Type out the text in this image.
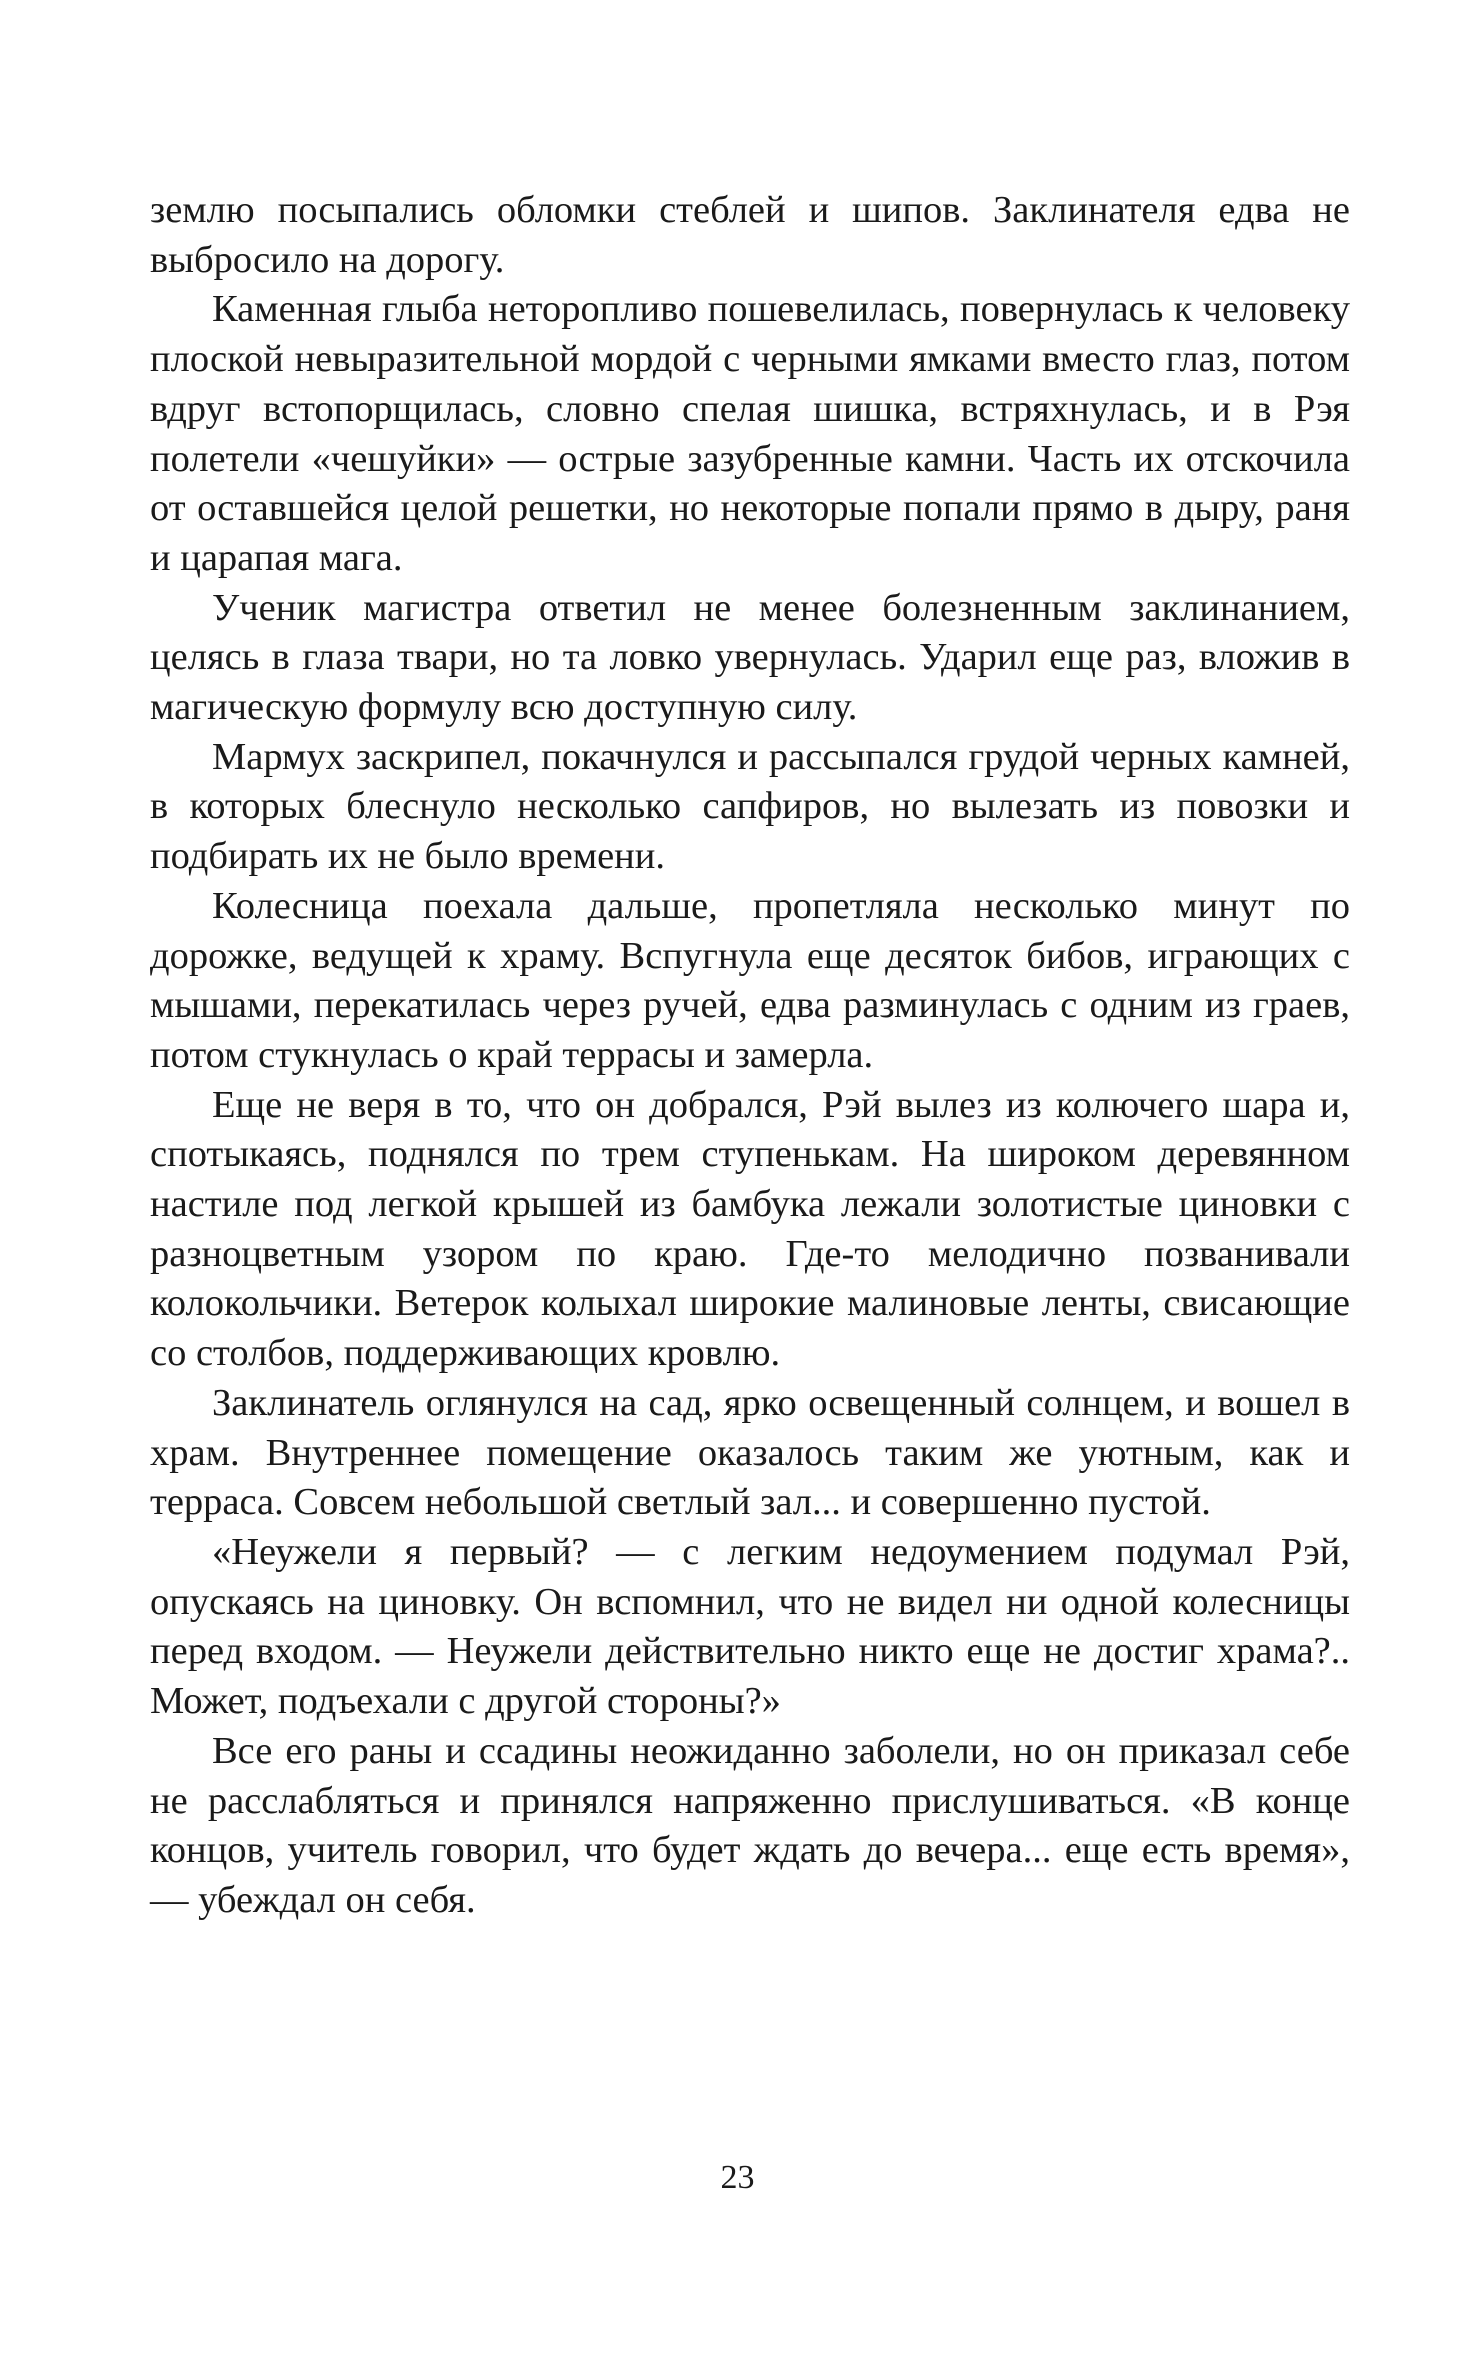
землю посыпались обломки стеблей и шипов. Заклинателя едва не выбросило на дорогу.

Каменная глыба неторопливо пошевелилась, повернулась к человеку плоской невыразительной мордой с черными ямками вместо глаз, потом вдруг встопорщилась, словно спелая шишка, встряхнулась, и в Рэя полетели «чешуйки» — острые зазубренные камни. Часть их отскочила от оставшейся целой решетки, но некоторые попали прямо в дыру, раня и царапая мага.

Ученик магистра ответил не менее болезненным заклинанием, целясь в глаза твари, но та ловко увернулась. Ударил еще раз, вложив в магическую формулу всю доступную силу.

Мармух заскрипел, покачнулся и рассыпался грудой черных камней, в которых блеснуло несколько сапфиров, но вылезать из повозки и подбирать их не было времени.

Колесница поехала дальше, пропетляла несколько минут по дорожке, ведущей к храму. Вспугнула еще десяток бибов, играющих с мышами, перекатилась через ручей, едва разминулась с одним из граев, потом стукнулась о край террасы и замерла.

Еще не веря в то, что он добрался, Рэй вылез из колючего шара и, спотыкаясь, поднялся по трем ступенькам. На широком деревянном настиле под легкой крышей из бамбука лежали золотистые циновки с разноцветным узором по краю. Где-то мелодично позванивали колокольчики. Ветерок колыхал широкие малиновые ленты, свисающие со столбов, поддерживающих кровлю.

Заклинатель оглянулся на сад, ярко освещенный солнцем, и вошел в храм. Внутреннее помещение оказалось таким же уютным, как и терраса. Совсем небольшой светлый зал... и совершенно пустой.

«Неужели я первый? — с легким недоумением подумал Рэй, опускаясь на циновку. Он вспомнил, что не видел ни одной колесницы перед входом. — Неужели действительно никто еще не достиг храма?.. Может, подъехали с другой стороны?»

Все его раны и ссадины неожиданно заболели, но он приказал себе не расслабляться и принялся напряженно прислушиваться. «В конце концов, учитель говорил, что будет ждать до вечера... еще есть время», — убеждал он себя.

23
